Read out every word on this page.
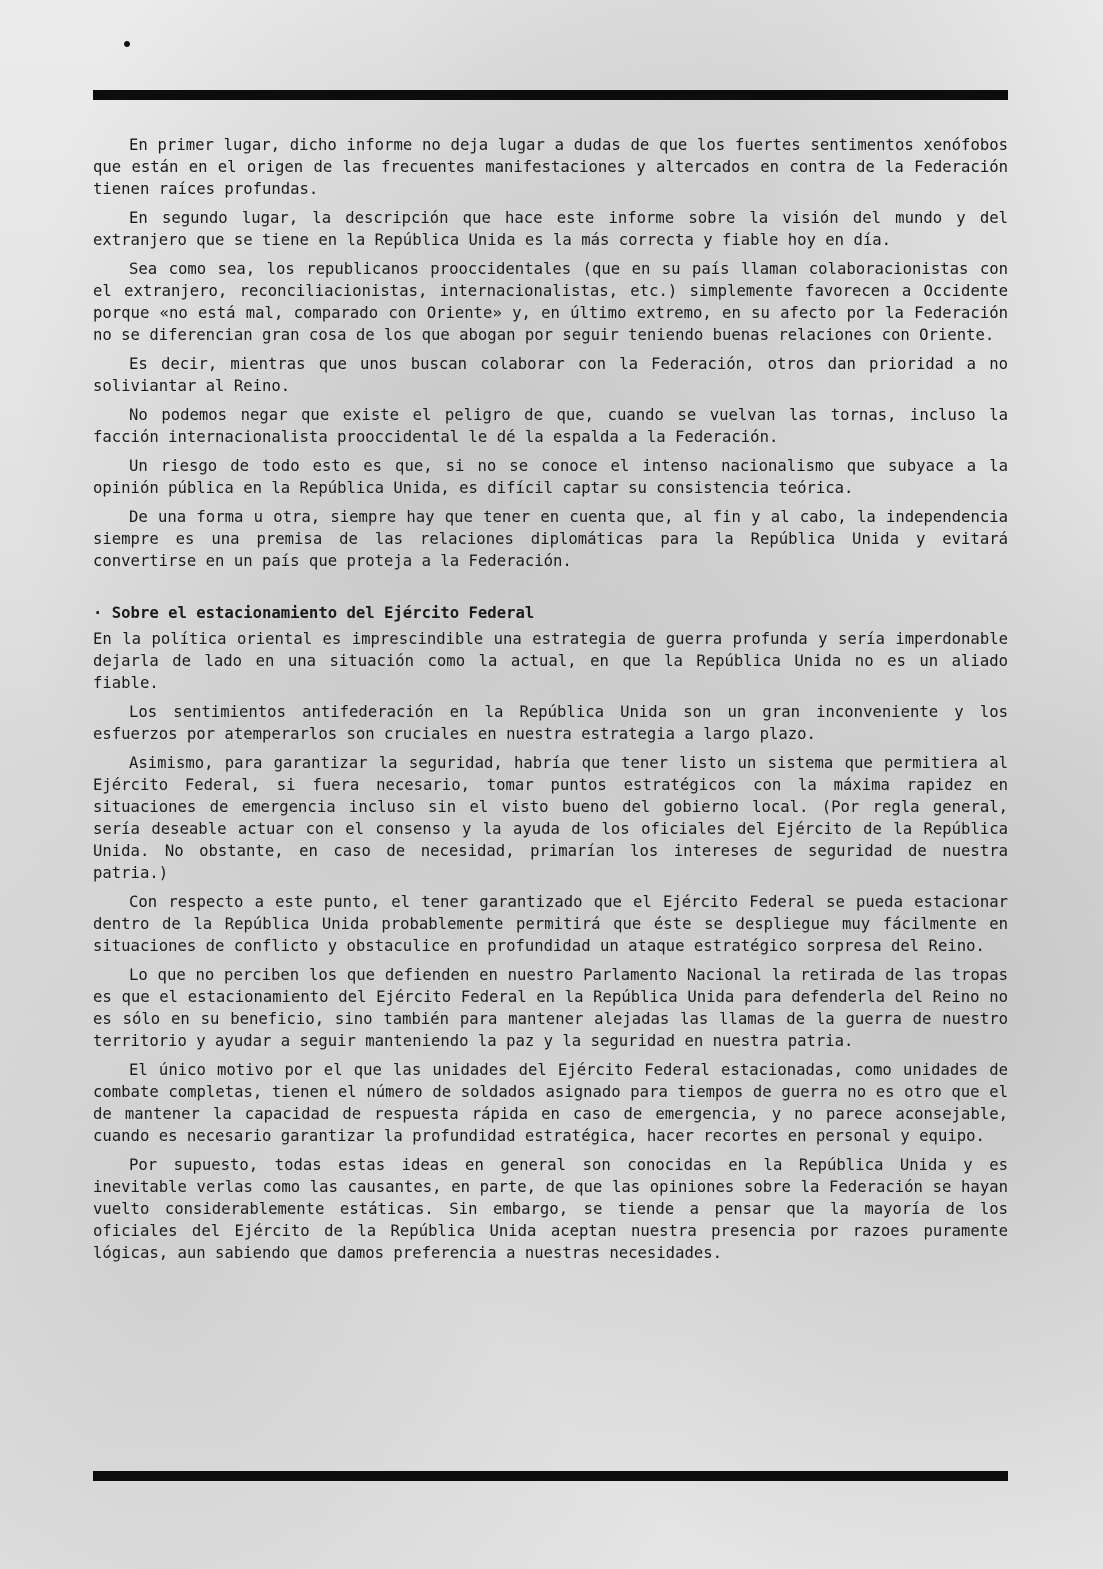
En primer lugar, dicho informe no deja lugar a dudas de que los fuertes sentimentos xenófobos que están en el origen de las frecuentes manifestaciones y altercados en contra de la Federación tienen raíces profundas.

En segundo lugar, la descripción que hace este informe sobre la visión del mundo y del extranjero que se tiene en la República Unida es la más correcta y fiable hoy en día.

Sea como sea, los republicanos prooccidentales (que en su país llaman colaboracionistas con el extranjero, reconciliacionistas, internacionalistas, etc.) simplemente favorecen a Occidente porque «no está mal, comparado con Oriente» y, en último extremo, en su afecto por la Federación no se diferencian gran cosa de los que abogan por seguir teniendo buenas relaciones con Oriente.

Es decir, mientras que unos buscan colaborar con la Federación, otros dan prioridad a no soliviantar al Reino.

No podemos negar que existe el peligro de que, cuando se vuelvan las tornas, incluso la facción internacionalista prooccidental le dé la espalda a la Federación.

Un riesgo de todo esto es que, si no se conoce el intenso nacionalismo que subyace a la opinión pública en la República Unida, es difícil captar su consistencia teórica.

De una forma u otra, siempre hay que tener en cuenta que, al fin y al cabo, la independencia siempre es una premisa de las relaciones diplomáticas para la República Unida y evitará convertirse en un país que proteja a la Federación.

· Sobre el estacionamiento del Ejército Federal

En la política oriental es imprescindible una estrategia de guerra profunda y sería imperdonable dejarla de lado en una situación como la actual, en que la República Unida no es un aliado fiable.

Los sentimientos antifederación en la República Unida son un gran inconveniente y los esfuerzos por atemperarlos son cruciales en nuestra estrategia a largo plazo.

Asimismo, para garantizar la seguridad, habría que tener listo un sistema que permitiera al Ejército Federal, si fuera necesario, tomar puntos estratégicos con la máxima rapidez en situaciones de emergencia incluso sin el visto bueno del gobierno local. (Por regla general, sería deseable actuar con el consenso y la ayuda de los oficiales del Ejército de la República Unida. No obstante, en caso de necesidad, primarían los intereses de seguridad de nuestra patria.)

Con respecto a este punto, el tener garantizado que el Ejército Federal se pueda estacionar dentro de la República Unida probablemente permitirá que éste se despliegue muy fácilmente en situaciones de conflicto y obstaculice en profundidad un ataque estratégico sorpresa del Reino.

Lo que no perciben los que defienden en nuestro Parlamento Nacional la retirada de las tropas es que el estacionamiento del Ejército Federal en la República Unida para defenderla del Reino no es sólo en su beneficio, sino también para mantener alejadas las llamas de la guerra de nuestro territorio y ayudar a seguir manteniendo la paz y la seguridad en nuestra patria.

El único motivo por el que las unidades del Ejército Federal estacionadas, como unidades de combate completas, tienen el número de soldados asignado para tiempos de guerra no es otro que el de mantener la capacidad de respuesta rápida en caso de emergencia, y no parece aconsejable, cuando es necesario garantizar la profundidad estratégica, hacer recortes en personal y equipo.

Por supuesto, todas estas ideas en general son conocidas en la República Unida y es inevitable verlas como las causantes, en parte, de que las opiniones sobre la Federación se hayan vuelto considerablemente estáticas. Sin embargo, se tiende a pensar que la mayoría de los oficiales del Ejército de la República Unida aceptan nuestra presencia por razoes puramente lógicas, aun sabiendo que damos preferencia a nuestras necesidades.
